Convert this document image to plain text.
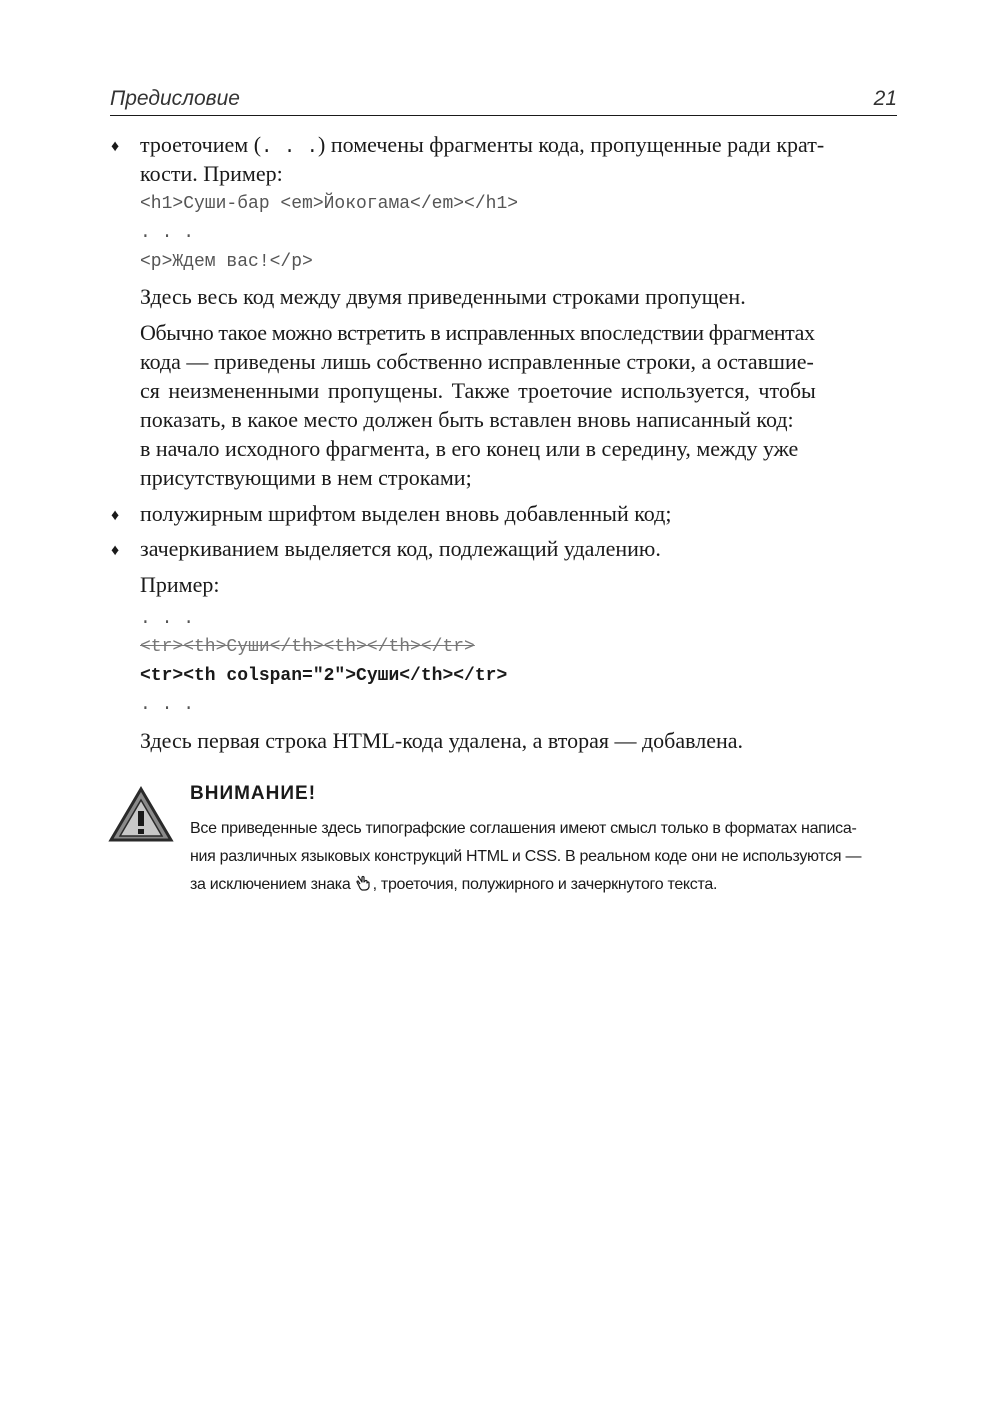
Предисловие	21
♦
троеточием (. . .) помечены фрагменты кода, пропущенные ради крат-
кости. Пример:
<h1>Суши-бар <em>Йокогама</em></h1>
. . .
<p>Ждем вас!</p>
Здесь весь код между двумя приведенными строками пропущен.
Обычно такое можно встретить в исправленных впоследствии фрагментах
кода — приведены лишь собственно исправленные строки, а оставшие-
ся неизмененными пропущены. Также троеточие используется, чтобы
показать, в какое место должен быть вставлен вновь написанный код:
в начало исходного фрагмента, в его конец или в середину, между уже
присутствующими в нем строками;
♦
полужирным шрифтом выделен вновь добавленный код;
♦
зачеркиванием выделяется код, подлежащий удалению.
Пример:
. . .
<tr><th>Суши</th><th></th></tr>
<tr><th colspan="2">Суши</th></tr>
. . .
Здесь первая строка HTML-кода удалена, а вторая — добавлена.
ВНИМАНИЕ!
Все приведенные здесь типографские соглашения имеют смысл только в форматах написа-
ния различных языковых конструкций HTML и CSS. В реальном коде они не используются —
за исключением знака , троеточия, полужирного и зачеркнутого текста.
